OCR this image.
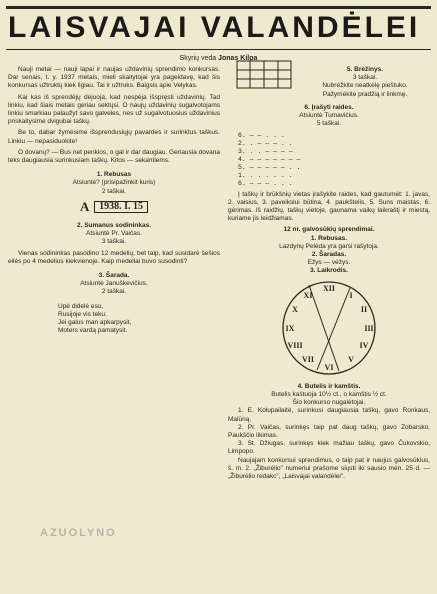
LAISVAJAI VALANDĖLEI
Skyrių veda Jonas Kilpa

Nauji metai — nauji lapai ir naujas uždavinių sprendimo konkursas. Dar senais, t. y. 1937 metais, mieli skaitytojai yra pageidavę, kad šis konkursas užtruktų kiek ilgiau. Tai ir užtruks. Baigsis apie Velykas.

Kai kas iš sprendėjų dejuoja, kad nespėja išspręsti uždavinių. Tad linkiu, kad šiais metais geriau sektųsi. O naujų uždavinių sugalvotojams linkiu smarkiau palaužyt savo galveles, nes už sugalvotuosius uždavinius priskaitysime dvigubai taškų.

Be to, dabar žymėsime išsprendusiųjų pavardes ir surinktus taškus. Linkiu — nepasiduokite!

O dovanų? — Bus net penkios, o gal ir dar daugiau. Geriausia dovana teks daugiausia surinkusiam taškų. Kitos — sekantiems.

1. Rebusas
Atsiuntė? (prisipažinkit kuris)
2 taškai.
A 1938. I. 15
2. Sumanus sodininkas.
Atsiuntė Pr. Vaičas.
3 taškai.

Vienas sodininkas pasodino 12 medelių, bet taip, kad susidarė šešios eilės po 4 medelius kiekvienoje. Kaip medeliai buvo susodinti?

3. Šarada.
Atsiuntė Januškevičius.
2 taškai.
Upė didelė esu,
Rusijoje vis teku.
Jei galus man apkarpysit,
Moters vardą pamatysit.
5. Brėžinys.
3 taškai.
Nubrėžkite neatkėlę pieštuko.
Pažymėkite pradžią ir linkmę.
6. Įrašyti raides.
Atsiuntė Tumavičius.
5 taškai.
6. — — . . .
2. . — — — . .
3. . . — — — —
4. — — — — — — —
5. — — — — — . .
1. . . . . . .
6. — — — . . .

Į taškų ir brūkšnių vietas įrašykite raides, kad gautumėt: 1. javas, 2. vaisius, 3. paveikslui būtina, 4. paukštelis, 5. Suns maistas, 6. gėrimas. Iš raidžių, taškų vietoje, gaunama vaikų laikraštį ir miestą, kuriame jis leidžiamas.

12 nr. galvosūkių sprendimai.
1. Rebusas.
Lazdynų Pelėda yra garsi rašytoja.
2. Šaradas.
Ežys — vėžys.
3. Laikrodis.
XII
I
II
III
IV
V
VI
VII
VIII
IX
X
XI
4. Butelis ir kamštis.
Butelis kaštuoja 10½ ct., o kamštis ½ ct.
Šio konkurso nugalėtojai.

1. E. Kolupailaitė, surinkusi daugiausia taškų, gavo Ronkaus, Malūną.

2. Pr. Vaičas, surinkęs taip pat daug taškų, gavo Zobarsko, Paukščio likimas.

3. St. Džiugas, surinkęs kiek mažiau taškų, gavo Čukovskio, Limpopo.

Naujajam konkursui sprendimus, o taip pat ir naujus galvosūkius, š. m. 2. „Žiburėlio" numeriui prašome siųsti iki sausio mėn. 25 d. — „Žiburėlio redakc", „Laisvajai valandėlei".

AZUOLYNO
